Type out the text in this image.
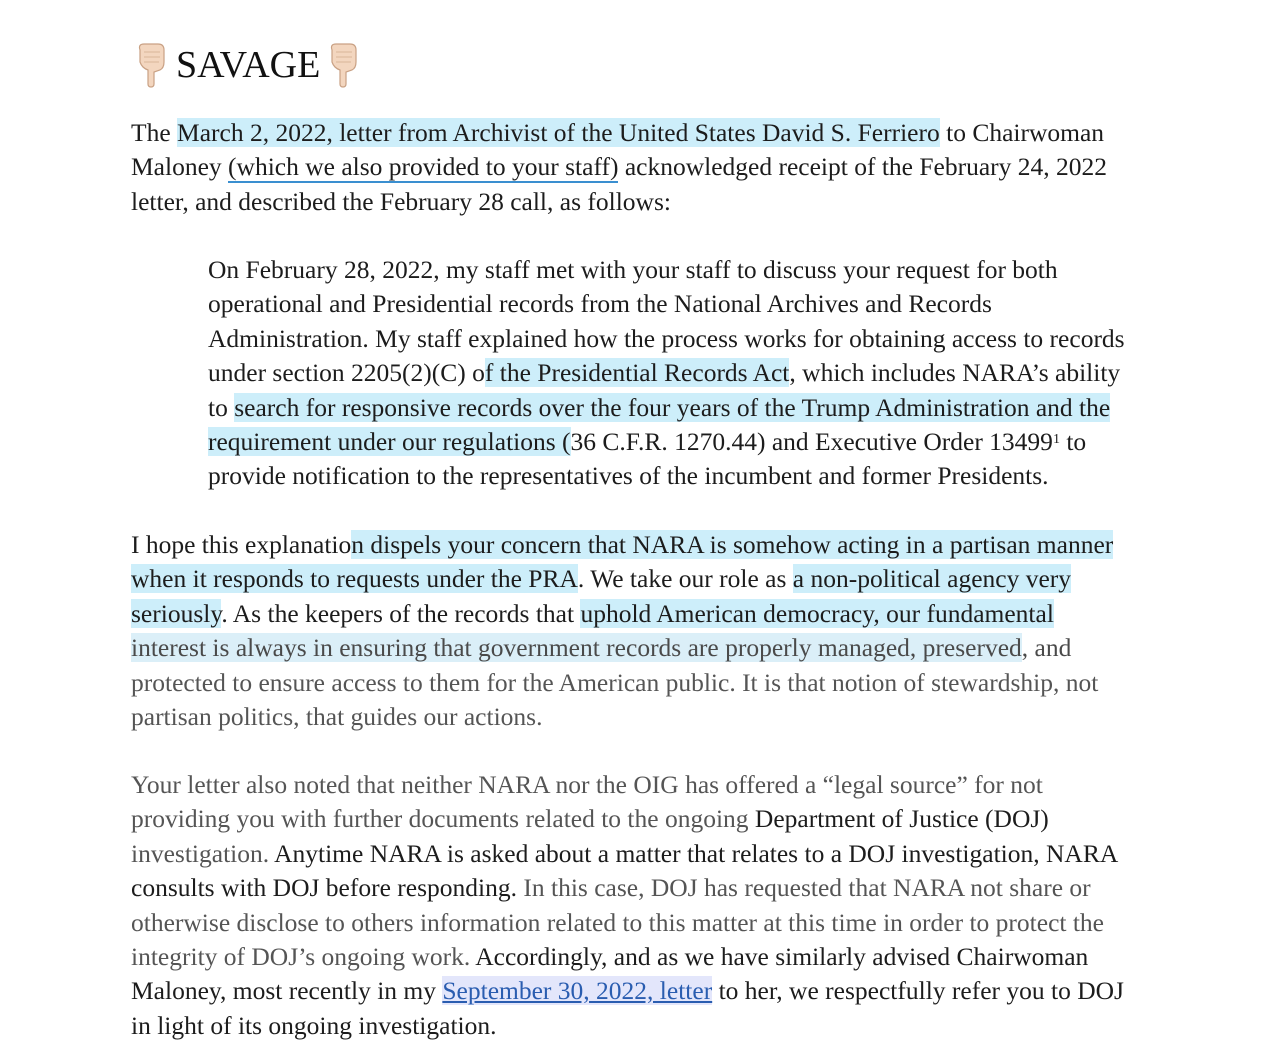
SAVAGE
The March 2, 2022, letter from Archivist of the United States David S. Ferriero to Chairwoman
Maloney (which we also provided to your staff) acknowledged receipt of the February 24, 2022
letter, and described the February 28 call, as follows:
On February 28, 2022, my staff met with your staff to discuss your request for both
operational and Presidential records from the National Archives and Records
Administration. My staff explained how the process works for obtaining access to records
under section 2205(2)(C) of the Presidential Records Act, which includes NARA’s ability
to search for responsive records over the four years of the Trump Administration and the
requirement under our regulations (36 C.F.R. 1270.44) and Executive Order 13499$^1$ to
provide notification to the representatives of the incumbent and former Presidents.
I hope this explanation dispels your concern that NARA is somehow acting in a partisan manner
when it responds to requests under the PRA. We take our role as a non-political agency very
seriously. As the keepers of the records that uphold American democracy, our fundamental
interest is always in ensuring that government records are properly managed, preserved, and
protected to ensure access to them for the American public. It is that notion of stewardship, not
partisan politics, that guides our actions.
Your letter also noted that neither NARA nor the OIG has offered a “legal source” for not
providing you with further documents related to the ongoing Department of Justice (DOJ)
investigation. Anytime NARA is asked about a matter that relates to a DOJ investigation, NARA
consults with DOJ before responding. In this case, DOJ has requested that NARA not share or
otherwise disclose to others information related to this matter at this time in order to protect the
integrity of DOJ’s ongoing work. Accordingly, and as we have similarly advised Chairwoman
Maloney, most recently in my September 30, 2022, letter to her, we respectfully refer you to DOJ
in light of its ongoing investigation.
